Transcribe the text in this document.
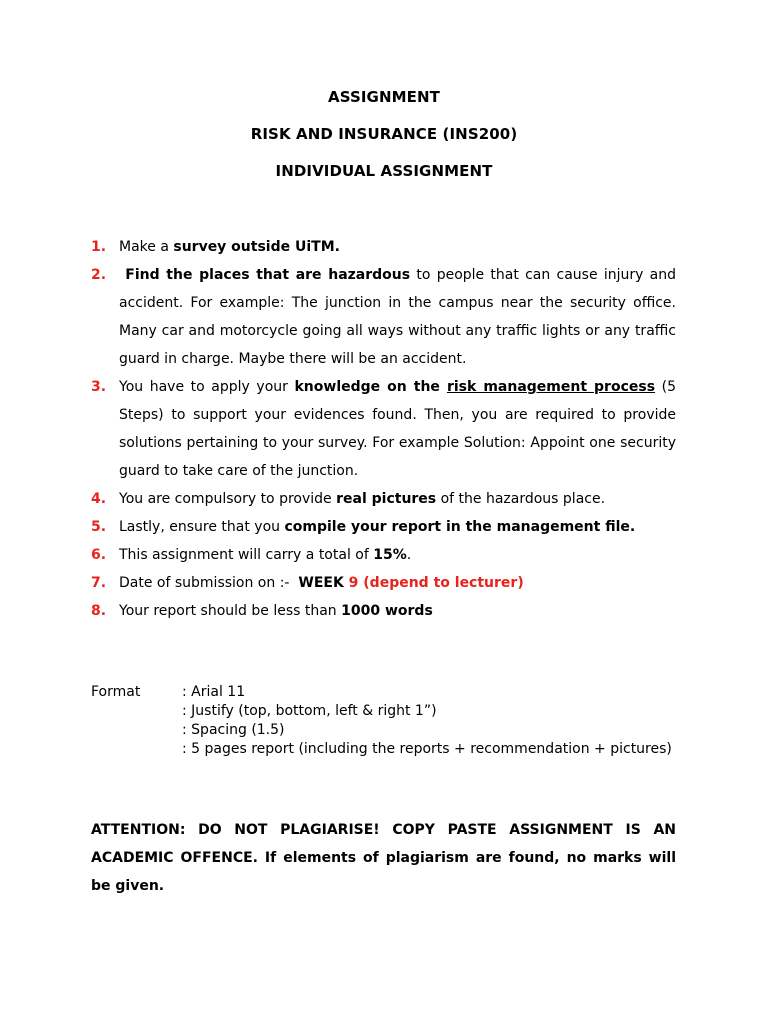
ASSIGNMENT
RISK AND INSURANCE (INS200)
INDIVIDUAL ASSIGNMENT
1. Make a survey outside UiTM.
2. Find the places that are hazardous to people that can cause injury and accident. For example: The junction in the campus near the security office. Many car and motorcycle going all ways without any traffic lights or any traffic guard in charge. Maybe there will be an accident.
3. You have to apply your knowledge on the risk management process (5 Steps) to support your evidences found. Then, you are required to provide solutions pertaining to your survey. For example Solution: Appoint one security guard to take care of the junction.
4. You are compulsory to provide real pictures of the hazardous place.
5. Lastly, ensure that you compile your report in the management file.
6. This assignment will carry a total of 15%.
7. Date of submission on :-  WEEK 9 (depend to lecturer)
8. Your report should be less than 1000 words
Format	: Arial 11
: Justify (top, bottom, left & right 1”)
: Spacing (1.5)
: 5 pages report (including the reports + recommendation + pictures)
ATTENTION: DO NOT PLAGIARISE! COPY PASTE ASSIGNMENT IS AN ACADEMIC OFFENCE. If elements of plagiarism are found, no marks will be given.
